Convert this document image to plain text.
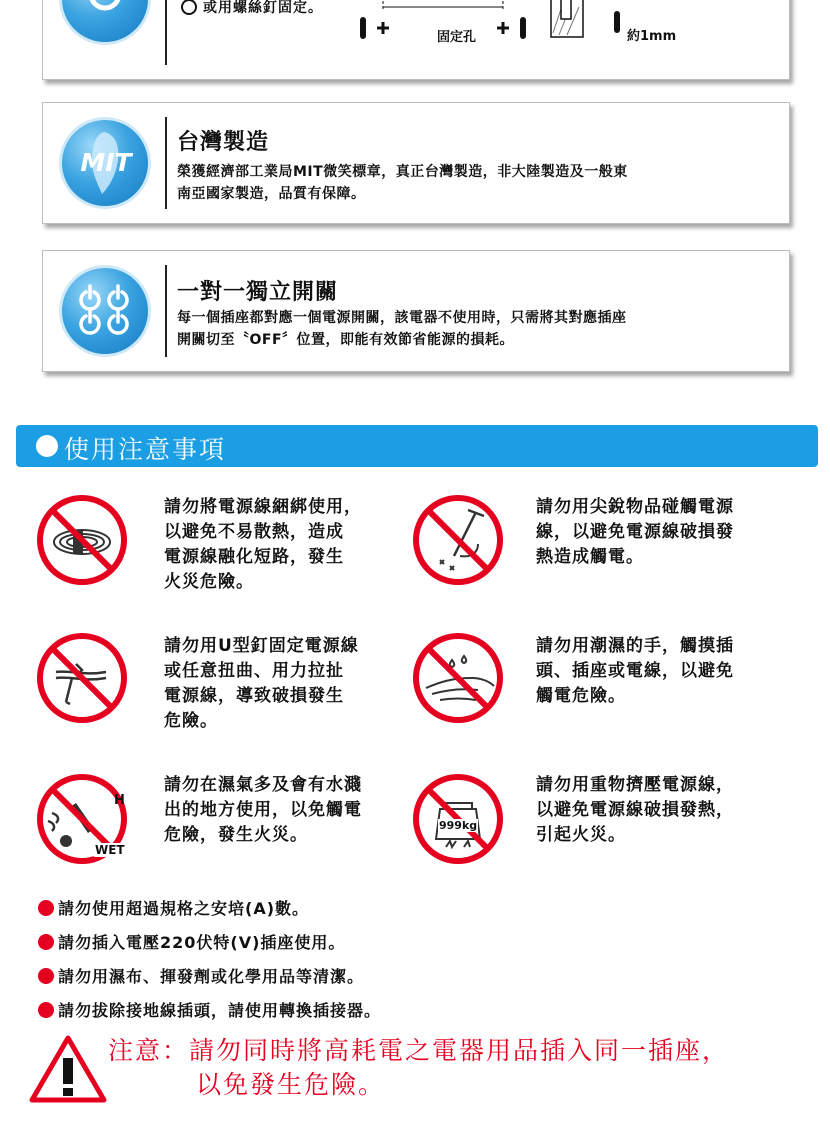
或用螺絲釘固定。
固定孔	約1mm
MIT
台灣製造
榮獲經濟部工業局MIT微笑標章，真正台灣製造，非大陸製造及一般東
南亞國家製造，品質有保障。
一對一獨立開關
每一個插座都對應一個電源開關，該電器不使用時，只需將其對應插座
開關切至〝OFF〞位置，即能有效節省能源的損耗。
使用注意事項
請勿將電源線綑綁使用，
以避免不易散熱，造成
電源線融化短路，發生
火災危險。
請勿用尖銳物品碰觸電源
線，以避免電源線破損發
熱造成觸電。
請勿用U型釘固定電源線
或任意扭曲、用力拉扯
電源線，導致破損發生
危險。
請勿用潮濕的手，觸摸插
頭、插座或電線，以避免
觸電危險。
H
WET
請勿在濕氣多及會有水濺
出的地方使用，以免觸電
危險，發生火災。	999kg
請勿用重物擠壓電源線，
以避免電源線破損發熱，
引起火災。
請勿使用超過規格之安培(A)數。
請勿插入電壓220伏特(V)插座使用。
請勿用濕布、揮發劑或化學用品等清潔。
請勿拔除接地線插頭，請使用轉換插接器。
注意：請勿同時將高耗電之電器用品插入同一插座，
以免發生危險。
